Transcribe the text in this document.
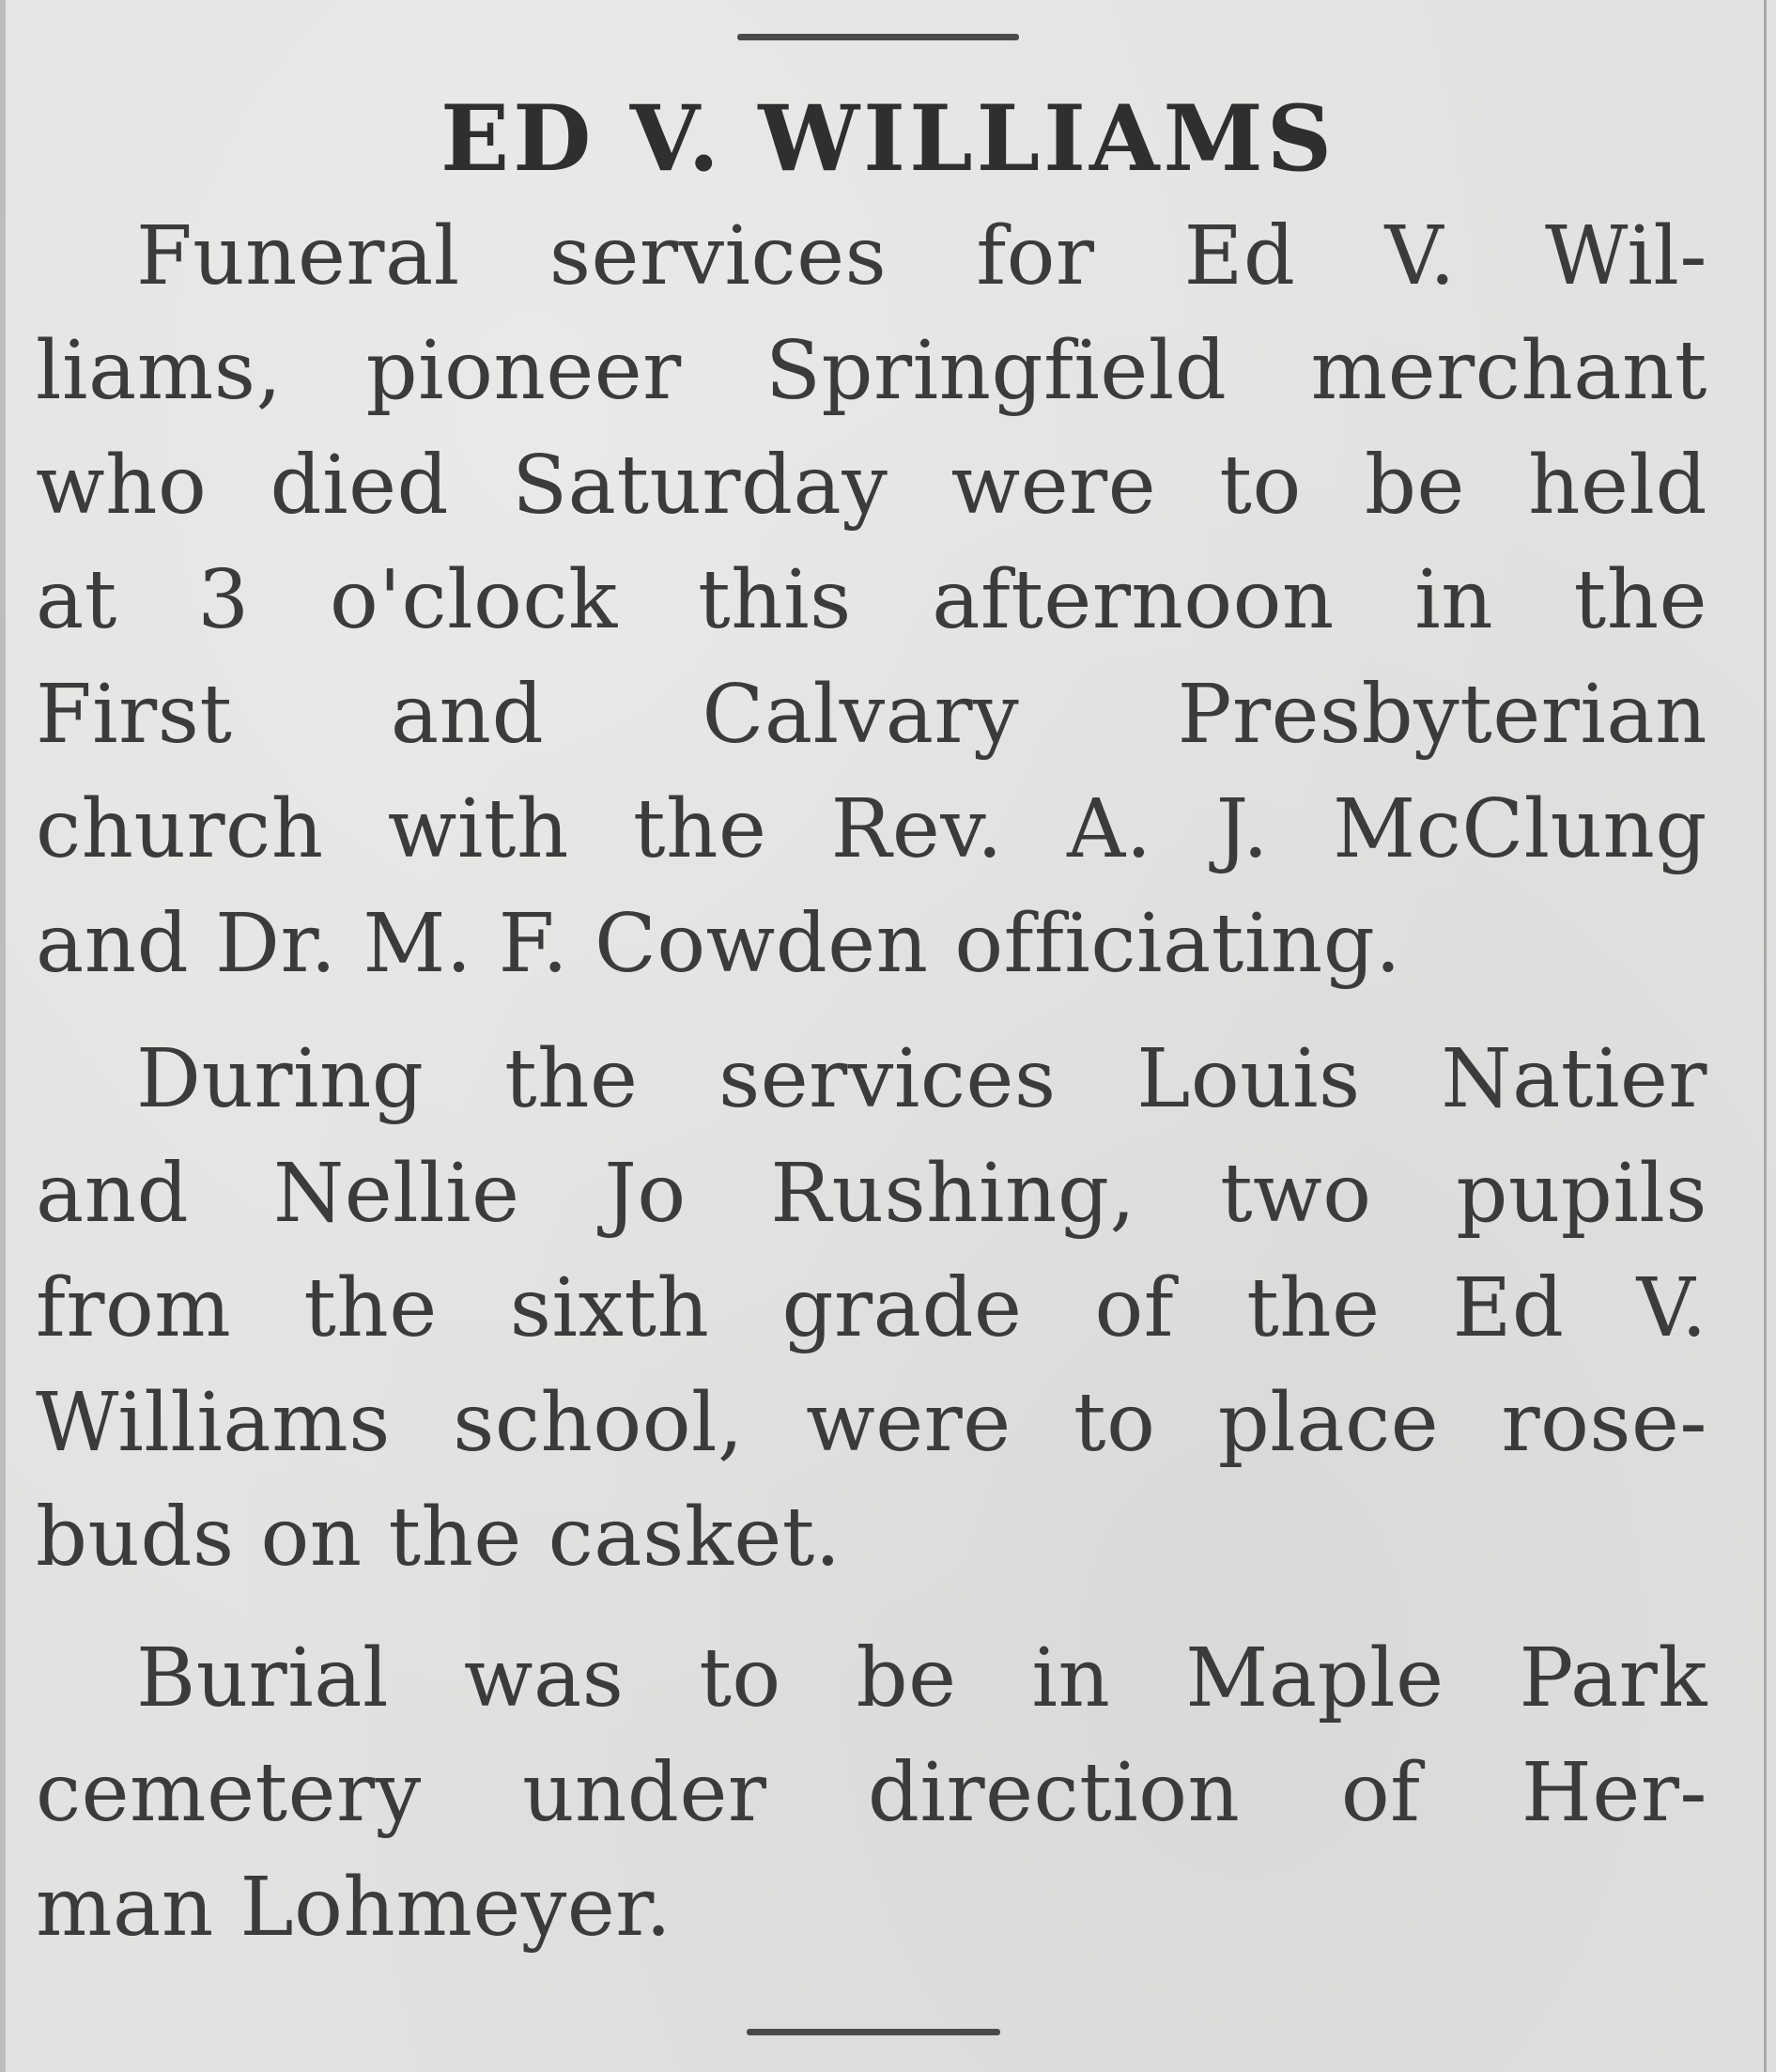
ED V. WILLIAMS
Funeral services for Ed V. Wil-
liams, pioneer Springfield merchant
who died Saturday were to be held
at 3 o'clock this afternoon in the
First and Calvary Presbyterian
church with the Rev. A. J. McClung
and Dr. M. F. Cowden officiating.
During the services Louis Natier
and Nellie Jo Rushing, two pupils
from the sixth grade of the Ed V.
Williams school, were to place rose-
buds on the casket.
Burial was to be in Maple Park
cemetery under direction of Her-
man Lohmeyer.
